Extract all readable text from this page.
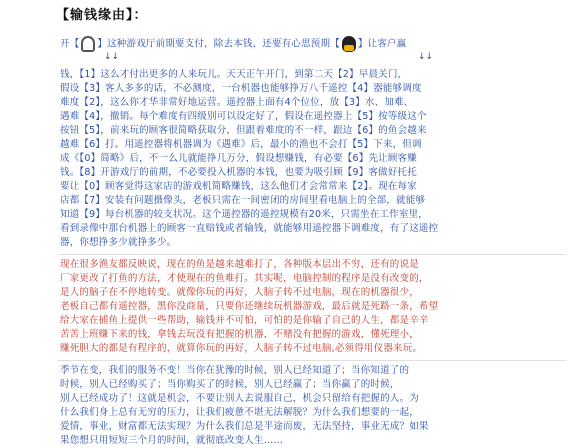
【输钱缘由】：
开【 】这种游戏厅前期要支付，除去本钱，还要有心思预期【 】让客户赢
↓↓	↓↓
钱，【1】这么才付出更多的人来玩儿。天天正午开门，到第二天【2】早晨关门，
假设【3】客人多多的话，不必测度，一台机器也能够挣万八千遥控【4】器能够调度
难度【2】，这么你才华非常好地运营。遥控器上面有4个位位，放【3】水、加难、
遇难【4】，撤销。每个难度有四级别可以设定好了，假设在遥控器上【5】按等级这个
按钮【5】，前来玩的顾客很简略获取分，但跟着难度的不一样，跟边【6】的鱼会越来
越难【6】打。用遥控器将机器调为《遇难》后，最小的渔也不会打【5】下来，但调
成《【0】简略》后，不一么儿就能挣几万分，假设想赚钱，有必要【6】先让顾客赚
钱。【8】开游戏厅的前期，不必要投入机器的本钱，也要为吸引顾【9】客做好托托
要让【0】顾客觉得这家店的游戏机简略赚钱，这么他们才会常常来【2】。现在每家
店都【7】安装有问题摄像头，老板只需在一间密闭的房间里看电脑上的全部，就能够
知道【9】每台机器的较支状况。这个遥控器的遥控规模有20米，只需坐在工作室里，
看到录像中那台机器上的顾客一直赔钱或者输钱，就能够用遥控器下调难度，有了这遥控
器，你想挣多少就挣多少。
现在很多渔友都反映说，现在的鱼是越来越难打了，各种版本层出不穷，还有的说是
厂家更改了打鱼的方法，才使现在的鱼难打。其实呢，电脑控制的程序是没有改变的，
是人的脑子在不停地转变。就像你玩的再好，人脑子转不过电脑，现在的机器很少，
老板自己都有遥控器，黑你没商量，只要你还继续玩机器游戏，最后就是死路一条，希望
给大家在捕鱼上提供一些帮助，输钱并不可怕，可怕的是你输了自己的人生，都是辛辛
苦苦上班赚下来的钱，拿钱去玩没有把握的机器，不赌没有把握的游戏，懂死理小，
赚死胆大的都是有程序的，就算你玩的再好，人脑子转不过电脑,必须得用仪器来玩。
季节在变，我们的服务不变！当你在犹豫的时候，别人已经知道了；当你知道了的
时候，别人已经购买了；当你购买了的时候，别人已经赢了；当你赢了的时候，
别人已经成功了！这就是机会，不要让别人去说服自己，机会只留给有把握的人。为
什么我们身上总有无穷的压力，让我们疲惫不堪无法解脱？为什么我们想要的一起，
爱情，事业，财富都无法实现？为什么我们总是半途而废，无法坚持，事业无成？如果
果您想只用短短三个月的时间，就彻底改变人生……
